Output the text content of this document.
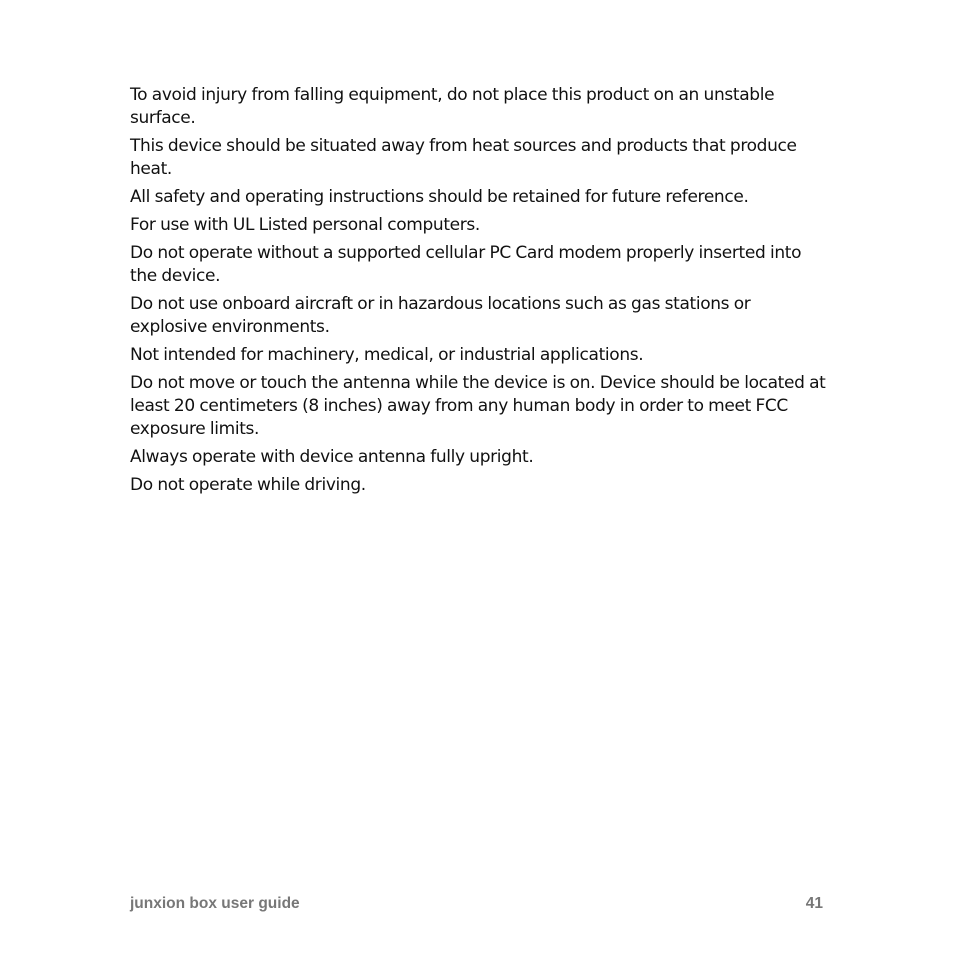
To avoid injury from falling equipment, do not place this product on an unstable surface.

This device should be situated away from heat sources and products that produce heat.

All safety and operating instructions should be retained for future reference.

For use with UL Listed personal computers.

Do not operate without a supported cellular PC Card modem properly inserted into the device.

Do not use onboard aircraft or in hazardous locations such as gas stations or explosive environments.

Not intended for machinery, medical, or industrial applications.

Do not move or touch the antenna while the device is on. Device should be located at least 20 centimeters (8 inches) away from any human body in order to meet FCC exposure limits.

Always operate with device antenna fully upright.

Do not operate while driving.

junxion box user guide	41
